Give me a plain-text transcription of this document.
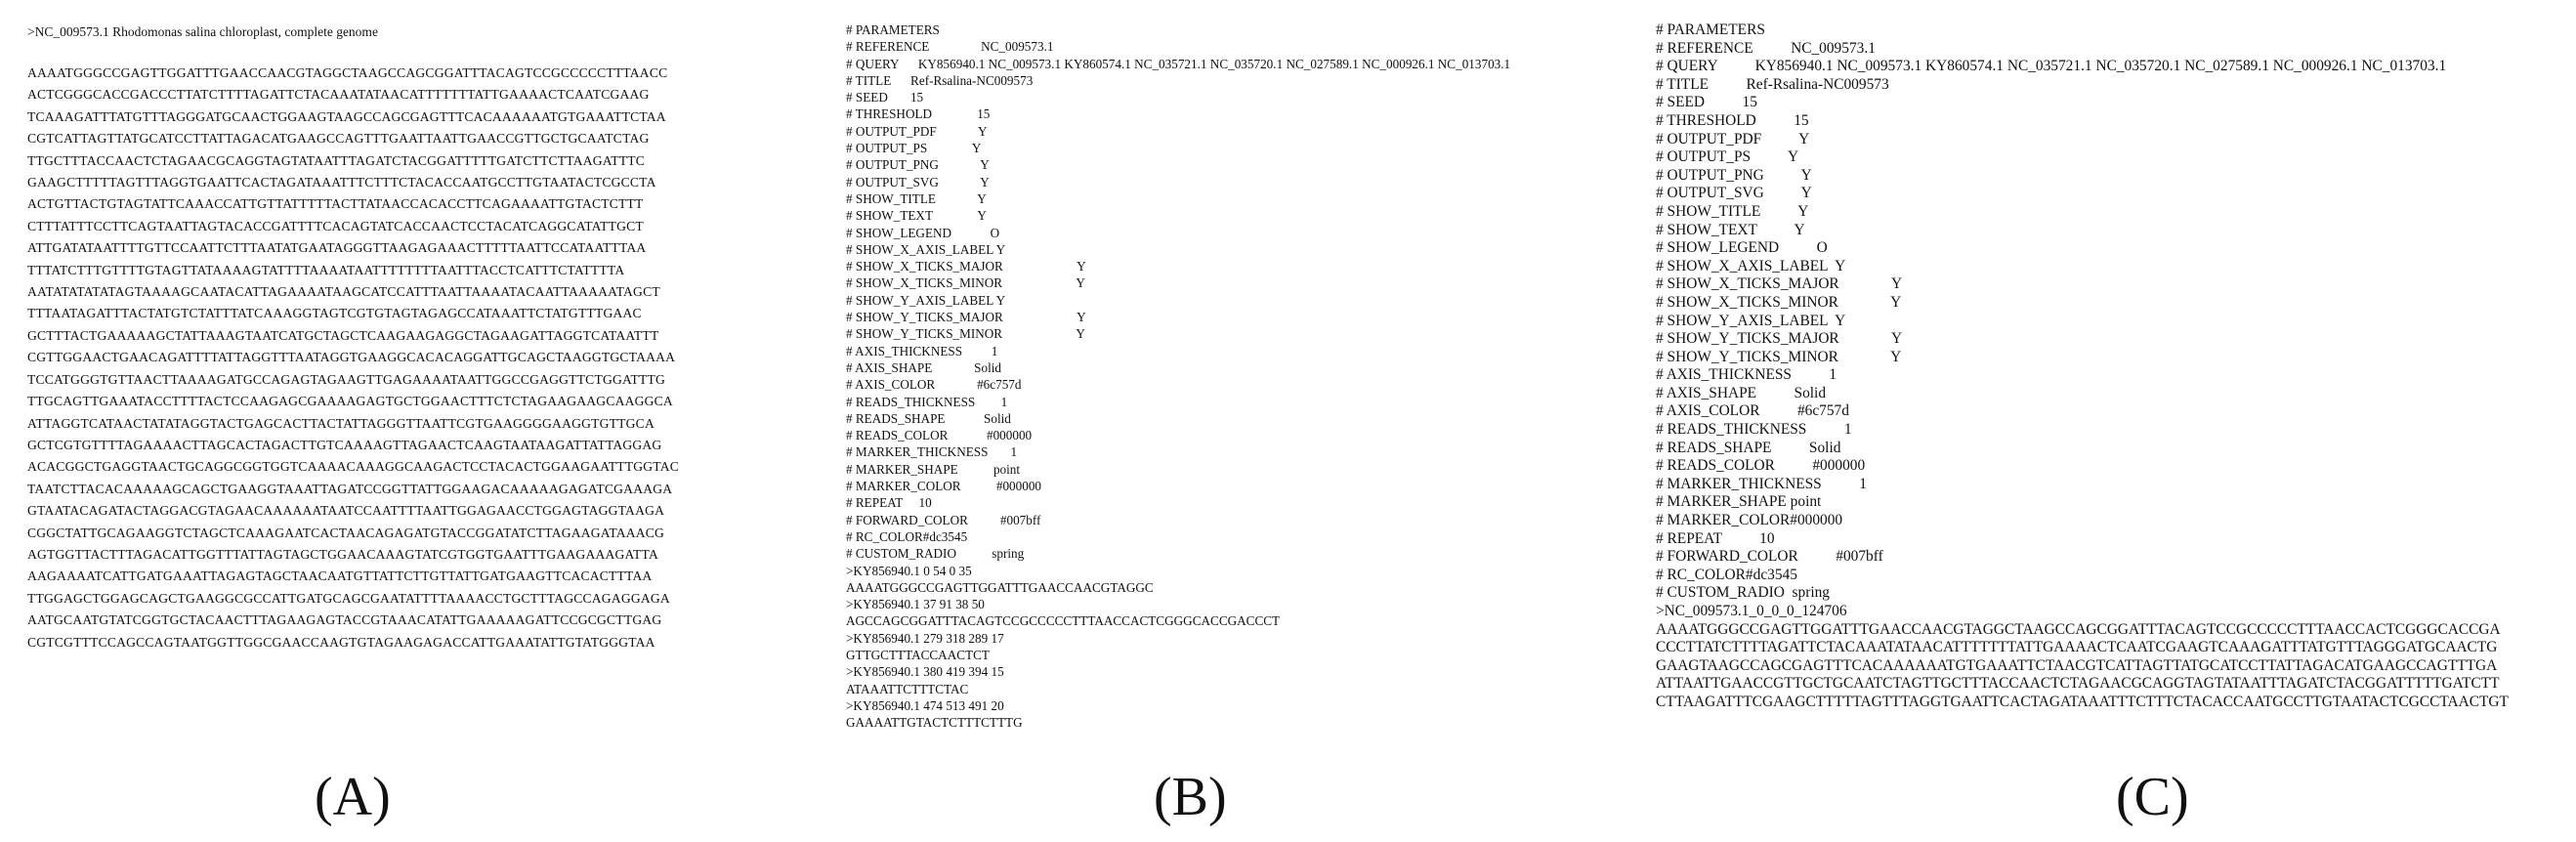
>NC_009573.1 Rhodomonas salina chloroplast, complete genome
AAAATGGGCCGAGTTGGATTTGAACCAACGTAGGCTAAGCCAGCGGATTTACAGTCCGCCCCCTTTAACC
ACTCGGGCACCGACCCTTATCTTTTAGATTCTACAAATATAACATTTTTTTATTGAAAACTCAATCGAAG
TCAAAGATTTATGTTTAGGGATGCAACTGGAAGTAAGCCAGCGAGTTTCACAAAAAATGTGAAATTCTAA
CGTCATTAGTTATGCATCCTTATTAGACATGAAGCCAGTTTGAATTAATTGAACCGTTGCTGCAATCTAG
TTGCTTTACCAACTCTAGAACGCAGGTAGTATAATTTAGATCTACGGATTTTTGATCTTCTTAAGATTTC
GAAGCTTTTTAGTTTAGGTGAATTCACTAGATAAATTTCTTTCTACACCAATGCCTTGTAATACTCGCCTA
ACTGTTACTGTAGTATTCAAACCATTGTTATTTTTACTTATAACCACACCTTCAGAAAATTGTACTCTTT
CTTTATTTCCTTCAGTAATTAGTACACCGATTTTCACAGTATCACCAACTCCTACATCAGGCATATTGCT
ATTGATATAATTTTGTTCCAATTCTTTAATATGAATAGGGTTAAGAGAAACTTTTTAATTCCATAATTTAA
TTTATCTTTGTTTTGTAGTTATAAAAGTATTTTAAAATAATTTTTTTTAATTTACCTCATTTCTATTTTA
AATATATATATAGTAAAAGCAATACATTAGAAAATAAGCATCCATTTAATTAAAATACAATTAAAAATAGCT
TTTAATAGATTTACTATGTCTATTTATCAAAGGTAGTCGTGTAGTAGAGCCATAAATTCTATGTTTGAAC
GCTTTACTGAAAAAGCTATTAAAGTAATCATGCTAGCTCAAGAAGAGGCTAGAAGATTAGGTCATAATTT
CGTTGGAACTGAACAGATTTTATTAGGTTTAATAGGTGAAGGCACACAGGATTGCAGCTAAGGTGCTAAAA
TCCATGGGTGTTAACTTAAAAGATGCCAGAGTAGAAGTTGAGAAAATAATTGGCCGAGGTTCTGGATTTG
TTGCAGTTGAAATACCTTTTACTCCAAGAGCGAAAAGAGTGCTGGAACTTTCTCTAGAAGAAGCAAGGCA
ATTAGGTCATAACTATATAGGTACTGAGCACTTACTATTAGGGTTAATTCGTGAAGGGGAAGGTGTTGCA
GCTCGTGTTTTAGAAAACTTAGCACTAGACTTGTCAAAAGTTAGAACTCAAGTAATAAGATTATTAGGAG
ACACGGCTGAGGTAACTGCAGGCGGTGGTCAAAACAAAGGCAAGACTCCTACACTGGAAGAATTTGGTAC
TAATCTTACACAAAAAGCAGCTGAAGGTAAATTAGATCCGGTTATTGGAAGACAAAAAGAGATCGAAAGA
GTAATACAGATACTAGGACGTAGAACAAAAAATAATCCAATTTTAATTGGAGAACCTGGAGTAGGTAAGA
CGGCTATTGCAGAAGGTCTAGCTCAAAGAATCACTAACAGAGATGTACCGGATATCTTAGAAGATAAACG
AGTGGTTACTTTAGACATTGGTTTATTAGTAGCTGGAACAAAGTATCGTGGTGAATTTGAAGAAAGATTA
AAGAAAATCATTGATGAAATTAGAGTAGCTAACAATGTTATTCTTGTTATTGATGAAGTTCACACTTTAA
TTGGAGCTGGAGCAGCTGAAGGCGCCATTGATGCAGCGAATATTTTAAAACCTGCTTTAGCCAGAGGAGA
AATGCAATGTATCGGTGCTACAACTTTAGAAGAGTACCGTAAACATATTGAAAAAGATTCCGCGCTTGAG
CGTCGTTTCCAGCCAGTAATGGTTGGCGAACCAAGTGTAGAAGAGACCATTGAAATATTGTATGGGTAA
# PARAMETERS
# REFERENCE                NC_009573.1
# QUERY      KY856940.1 NC_009573.1 KY860574.1 NC_035721.1 NC_035720.1 NC_027589.1 NC_000926.1 NC_013703.1
# TITLE      Ref-Rsalina-NC009573
# SEED       15
# THRESHOLD              15
# OUTPUT_PDF             Y
# OUTPUT_PS              Y
# OUTPUT_PNG             Y
# OUTPUT_SVG             Y
# SHOW_TITLE             Y
# SHOW_TEXT              Y
# SHOW_LEGEND            O
# SHOW_X_AXIS_LABEL Y
# SHOW_X_TICKS_MAJOR                       Y
# SHOW_X_TICKS_MINOR                       Y
# SHOW_Y_AXIS_LABEL Y
# SHOW_Y_TICKS_MAJOR                       Y
# SHOW_Y_TICKS_MINOR                       Y
# AXIS_THICKNESS         1
# AXIS_SHAPE             Solid
# AXIS_COLOR             #6c757d
# READS_THICKNESS        1
# READS_SHAPE            Solid
# READS_COLOR            #000000
# MARKER_THICKNESS       1
# MARKER_SHAPE           point
# MARKER_COLOR           #000000
# REPEAT     10
# FORWARD_COLOR          #007bff
# RC_COLOR#dc3545
# CUSTOM_RADIO           spring
>KY856940.1 0 54 0 35
AAAATGGGCCGAGTTGGATTTGAACCAACGTAGGC
>KY856940.1 37 91 38 50
AGCCAGCGGATTTACAGTCCGCCCCCTTTAACCACTCGGGCACCGACCCT
>KY856940.1 279 318 289 17
GTTGCTTTACCAACTCT
>KY856940.1 380 419 394 15
ATAAATTCTTTCTAC
>KY856940.1 474 513 491 20
GAAAATTGTACTCTTTCTTTG
# PARAMETERS
# REFERENCE          NC_009573.1
# QUERY          KY856940.1 NC_009573.1 KY860574.1 NC_035721.1 NC_035720.1 NC_027589.1 NC_000926.1 NC_013703.1
# TITLE          Ref-Rsalina-NC009573
# SEED          15
# THRESHOLD          15
# OUTPUT_PDF          Y
# OUTPUT_PS          Y
# OUTPUT_PNG          Y
# OUTPUT_SVG          Y
# SHOW_TITLE          Y
# SHOW_TEXT          Y
# SHOW_LEGEND          O
# SHOW_X_AXIS_LABEL  Y
# SHOW_X_TICKS_MAJOR              Y
# SHOW_X_TICKS_MINOR              Y
# SHOW_Y_AXIS_LABEL  Y
# SHOW_Y_TICKS_MAJOR              Y
# SHOW_Y_TICKS_MINOR              Y
# AXIS_THICKNESS          1
# AXIS_SHAPE          Solid
# AXIS_COLOR          #6c757d
# READS_THICKNESS          1
# READS_SHAPE          Solid
# READS_COLOR          #000000
# MARKER_THICKNESS          1
# MARKER_SHAPE point
# MARKER_COLOR#000000
# REPEAT          10
# FORWARD_COLOR          #007bff
# RC_COLOR#dc3545
# CUSTOM_RADIO  spring
>NC_009573.1_0_0_0_124706
AAAATGGGCCGAGTTGGATTTGAACCAACGTAGGCTAAGCCAGCGGATTTACAGTCCGCCCCCTTTAACCACTCGGGCACCGA
CCCTTATCTTTTAGATTCTACAAATATAACATTTTTTTATTGAAAACTCAATCGAAGTCAAAGATTTATGTTTAGGGATGCAACTG
GAAGTAAGCCAGCGAGTTTCACAAAAAATGTGAAATTCTAACGTCATTAGTTATGCATCCTTATTAGACATGAAGCCAGTTTGA
ATTAATTGAACCGTTGCTGCAATCTAGTTGCTTTACCAACTCTAGAACGCAGGTAGTATAATTTAGATCTACGGATTTTTGATCTT
CTTAAGATTTCGAAGCTTTTTAGTTTAGGTGAATTCACTAGATAAATTTCTTTCTACACCAATGCCTTGTAATACTCGCCTAACTGT
(A)	(B)	(C)
